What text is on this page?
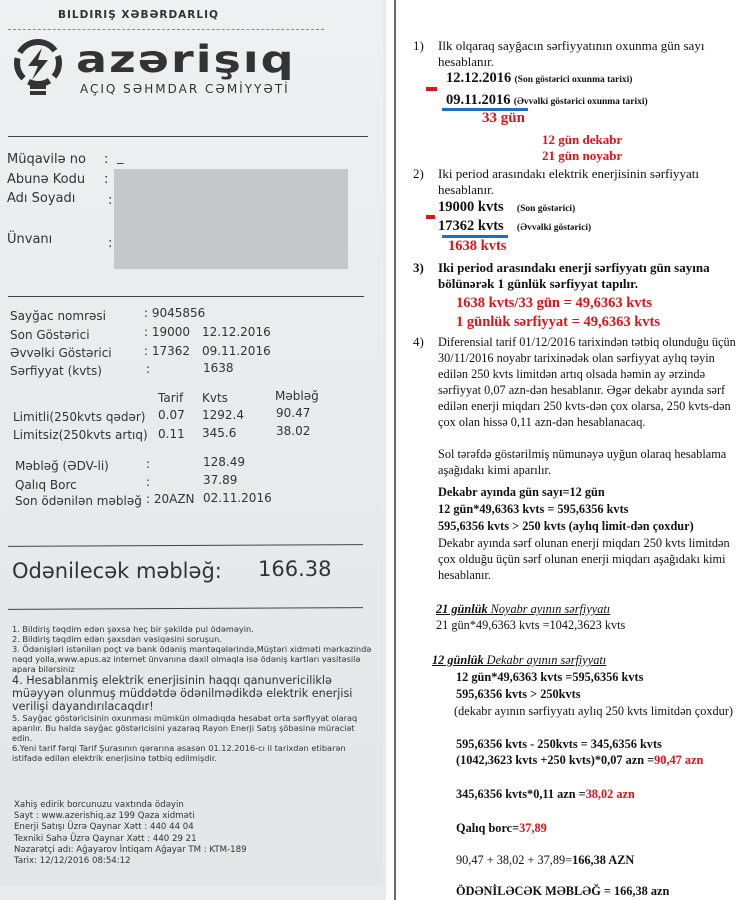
BILDIRIŞ XƏBƏRDARLIQ
azərişıq
AÇIQ SƏHMDAR CƏMİYYƏTİ
Müqavilə no : _
Abunə Kodu :
Adı Soyadı	:
Ünvanı	:
Sayğac nomrəsi	: 9045856
Son Göstərici	: 19000 12.12.2016
Əvvəlki Göstərici	: 17362 09.11.2016
Sərfiyyat (kvts)	:	1638
Tarif Kvts	Məbləğ
Limitli(250kvts qədər) 0.07 1292.4	90.47
Limitsiz(250kvts artıq) 0.11 345.6	38.02
Məbləğ (ƏDV-li)	:	128.49
Qalıq Borc	:	37.89
Son ödənilən məbləğ : 20AZN 02.11.2016
Odənilecək məbləğ: 166.38
1. Bildiriş təqdim edən şəxsə heç bir şəkildə pul ödəməyin.
2. Bildiriş təqdim edən şəxsdən vəsiqəsini soruşun.
3. Ödənişləri istənilən poçt və bank ödəniş məntəqələrində,Müştəri xidməti mərkəzində nəqd yolla,www.apus.az internet ünvanına daxil olmaqla isə ödəniş kartları vasitəsilə apara bilərsiniz
4. Hesablanmiş elektrik enerjisinin haqqı qanunvericiliklə müəyyən olunmuş müddətdə ödənilmədikdə elektrik enerjisi verilişi dayandırılacaqdır!
5. Sayğac göstəricisinin oxunması mümkün olmadıqda hesabat orta sərfiyyat olaraq aparılır. Bu halda sayğac göstəricisini yazaraq Rayon Enerji Satış şöbəsinə müraciət edin.
6.Yeni tarif fərqi Tarif Şurasının qərarına əsasən 01.12.2016-cı il tarixdən etibarən istifadə edilən elektrik enerjisinə tətbiq edilmişdir.
Xahiş edirik borcunuzu vaxtında ödəyin
Sayt : www.azerishiq.az 199 Qəza xidməti
Enerji Satışı Üzrə Qaynar Xətt : 440 44 04
Texniki Sahə Üzrə Qaynar Xətt : 440 29 21
Nəzarətçi adı: Ağayarov İntiqam Ağayar TM : KTM-189
Tarix: 12/12/2016 08:54:12
1) Ilk olqaraq sayğacın sərfiyyatının oxunma gün sayı hesablanır.
12.12.2016 (Son göstərici oxunma tarixi)
09.11.2016 (Əvvəlki göstərici oxunma tarixi)
33 gün
12 gün dekabr
21 gün noyabr
2) Iki period arasındakı elektrik enerjisinin sərfiyyatı hesablanır.
19000 kvts (Son göstərici)
17362 kvts (Əvvəlki göstərici)
1638 kvts
3) Iki period arasındakı enerji sərfiyyatı gün sayına bölünərək 1 günlük sərfiyyat tapılır.
1638 kvts/33 gün = 49,6363 kvts
1 günlük sərfiyyat = 49,6363 kvts
4) Diferensial tarif 01/12/2016 tarixindən tətbiq olunduğu üçün 30/11/2016 noyabr tarixinədək olan sərfiyyat aylıq təyin edilən 250 kvts limitdən artıq olsada həmin ay ərzində sərfiyyat 0,07 azn-dən hesablanır. Əgər dekabr ayında sərf edilən enerji miqdarı 250 kvts-dən çox olarsa, 250 kvts-dən çox olan hissə 0,11 azn-dən hesablanacaq.
Sol tərəfdə göstərilmiş nümunəyə uyğun olaraq hesablama aşağıdakı kimi aparılır.
Dekabr ayında gün sayı=12 gün
12 gün*49,6363 kvts = 595,6356 kvts
595,6356 kvts > 250 kvts (aylıq limit-dən çoxdur)
Dekabr ayında sərf olunan enerji miqdarı 250 kvts limitdən çox olduğu üçün sərf olunan enerji miqdarı aşağıdakı kimi hesablanır.
21 günlük Noyabr ayının sərfiyyatı
21 gün*49,6363 kvts =1042,3623 kvts
12 günlük Dekabr ayının sərfiyyatı
12 gün*49,6363 kvts =595,6356 kvts
595,6356 kvts > 250kvts
(dekabr ayının sərfiyyatı aylıq 250 kvts limitdən çoxdur)
595,6356 kvts - 250kvts = 345,6356 kvts
(1042,3623 kvts +250 kvts)*0,07 azn =90,47 azn
345,6356 kvts*0,11 azn =38,02 azn
Qalıq borc=37,89
90,47 + 38,02 + 37,89=166,38 AZN
ÖDƏNİLƏCƏK MƏBLƏĞ = 166,38 azn
